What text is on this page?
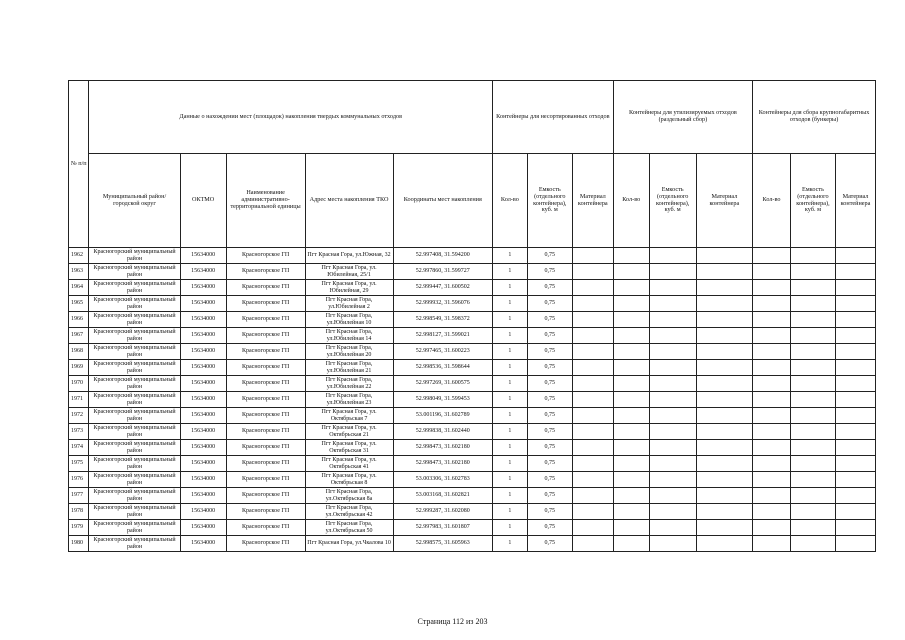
№ п/п	Данные о нахождении мест (площадок) накопления твердых коммунальных отходов					Контейнеры для несортированных отходов			Контейнеры для утилизируемых отходов (раздельный сбор)			Контейнеры для сбора крупногабаритных отходов (бункеры)		
	Муниципальный район/городской округ	ОКТМО	Наименование административно-территориальной единицы	Адрес места накопления ТКО	Координаты мест накопления	Кол-во	Емкость (отдельного контейнера), куб. м	Материал контейнера	Кол-во	Емкость (отдельного контейнера), куб. м	Материал контейнера	Кол-во	Емкость (отдельного контейнера), куб. м	Материал контейнера
1962	Красногорский муниципальный район	15634000	Красногорское ГП	Пгт Красная Гора, ул.Южная, 32	52.997408, 31.594200	1	0,75							
1963	Красногорский муниципальный район	15634000	Красногорское ГП	Пгт Красная Гора, ул. Юбилейная, 25/1	52.997860, 31.599727	1	0,75							
1964	Красногорский муниципальный район	15634000	Красногорское ГП	Пгт Красная Гора, ул. Юбилейная, 29	52.999447, 31.600502	1	0,75							
1965	Красногорский муниципальный район	15634000	Красногорское ГП	Пгт Красная Гора, ул.Юбилейная 2	52.999932, 31.596076	1	0,75							
1966	Красногорский муниципальный район	15634000	Красногорское ГП	Пгт Красная Гора, ул.Юбилейная 10	52.998549, 31.598372	1	0,75							
1967	Красногорский муниципальный район	15634000	Красногорское ГП	Пгт Красная Гора, ул.Юбилейная 14	52.998127, 31.599021	1	0,75							
1968	Красногорский муниципальный район	15634000	Красногорское ГП	Пгт Красная Гора, ул.Юбилейная 20	52.997465, 31.600223	1	0,75							
1969	Красногорский муниципальный район	15634000	Красногорское ГП	Пгт Красная Гора, ул.Юбилейная 21	52.998536, 31.598644	1	0,75							
1970	Красногорский муниципальный район	15634000	Красногорское ГП	Пгт Красная Гора, ул.Юбилейная 22	52.997269, 31.600575	1	0,75							
1971	Красногорский муниципальный район	15634000	Красногорское ГП	Пгт Красная Гора, ул.Юбилейная 23	52.998049, 31.599453	1	0,75							
1972	Красногорский муниципальный район	15634000	Красногорское ГП	Пгт Красная Гора, ул. Октябрьская 7	53.001196, 31.602789	1	0,75							
1973	Красногорский муниципальный район	15634000	Красногорское ГП	Пгт Красная Гора, ул. Октябрьская 21	52.999838, 31.602440	1	0,75							
1974	Красногорский муниципальный район	15634000	Красногорское ГП	Пгт Красная Гора, ул. Октябрьская 31	52.998473, 31.602180	1	0,75							
1975	Красногорский муниципальный район	15634000	Красногорское ГП	Пгт Красная Гора, ул. Октябрьская 41	52.998473, 31.602180	1	0,75							
1976	Красногорский муниципальный район	15634000	Красногорское ГП	Пгт Красная Гора, ул. Октябрьская 8	53.003306, 31.602783	1	0,75							
1977	Красногорский муниципальный район	15634000	Красногорское ГП	Пгт Красная Гора, ул.Октябрьская 8а	53.003168, 31.602821	1	0,75							
1978	Красногорский муниципальный район	15634000	Красногорское ГП	Пгт Красная Гора, ул.Октябрьская 42	52.999287, 31.602080	1	0,75							
1979	Красногорский муниципальный район	15634000	Красногорское ГП	Пгт Красная Гора, ул.Октябрьская 50	52.997983, 31.601807	1	0,75							
1980	Красногорский муниципальный район	15634000	Красногорское ГП	Пгт Красная Гора, ул.Чкалова 10	52.998575, 31.605963	1	0,75							
Страница 112 из 203
